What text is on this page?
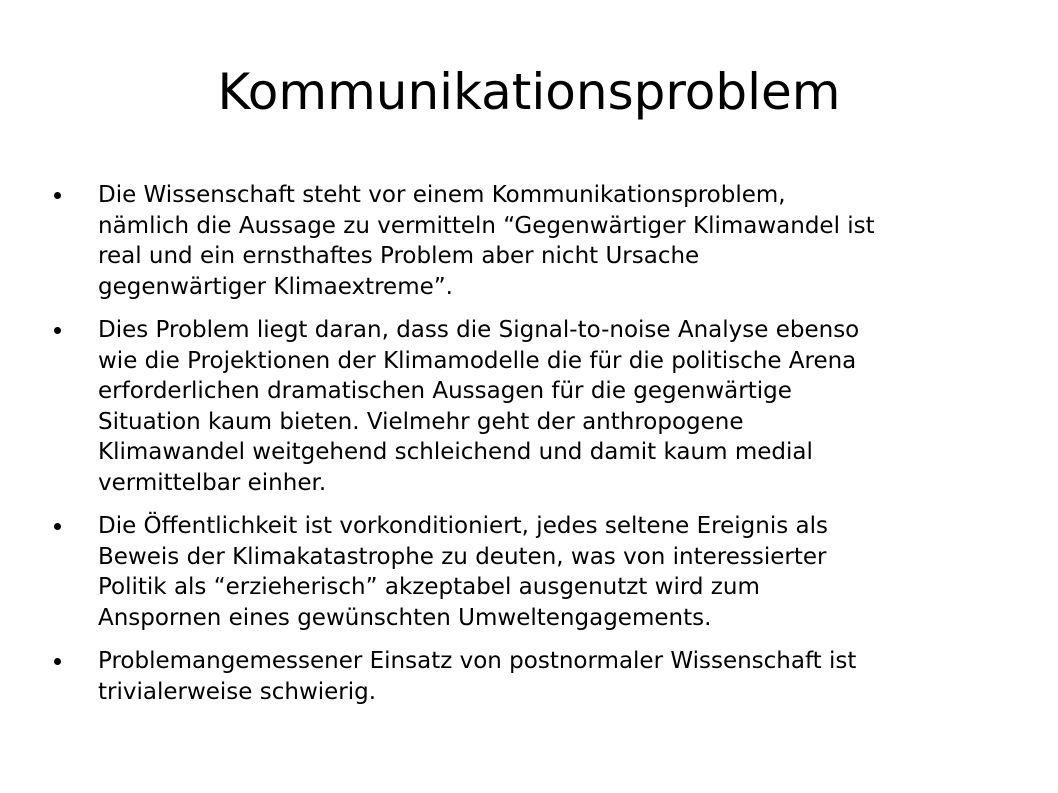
Kommunikationsproblem
Die Wissenschaft steht vor einem Kommunikationsproblem,
nämlich die Aussage zu vermitteln “Gegenwärtiger Klimawandel ist
real und ein ernsthaftes Problem aber nicht Ursache
gegenwärtiger Klimaextreme”.
Dies Problem liegt daran, dass die Signal-to-noise Analyse ebenso
wie die Projektionen der Klimamodelle die für die politische Arena
erforderlichen dramatischen Aussagen für die gegenwärtige
Situation kaum bieten. Vielmehr geht der anthropogene
Klimawandel weitgehend schleichend und damit kaum medial
vermittelbar einher.
Die Öffentlichkeit ist vorkonditioniert, jedes seltene Ereignis als
Beweis der Klimakatastrophe zu deuten, was von interessierter
Politik als “erzieherisch” akzeptabel ausgenutzt wird zum
Anspornen eines gewünschten Umweltengagements.
Problemangemessener Einsatz von postnormaler Wissenschaft ist
trivialerweise schwierig.
